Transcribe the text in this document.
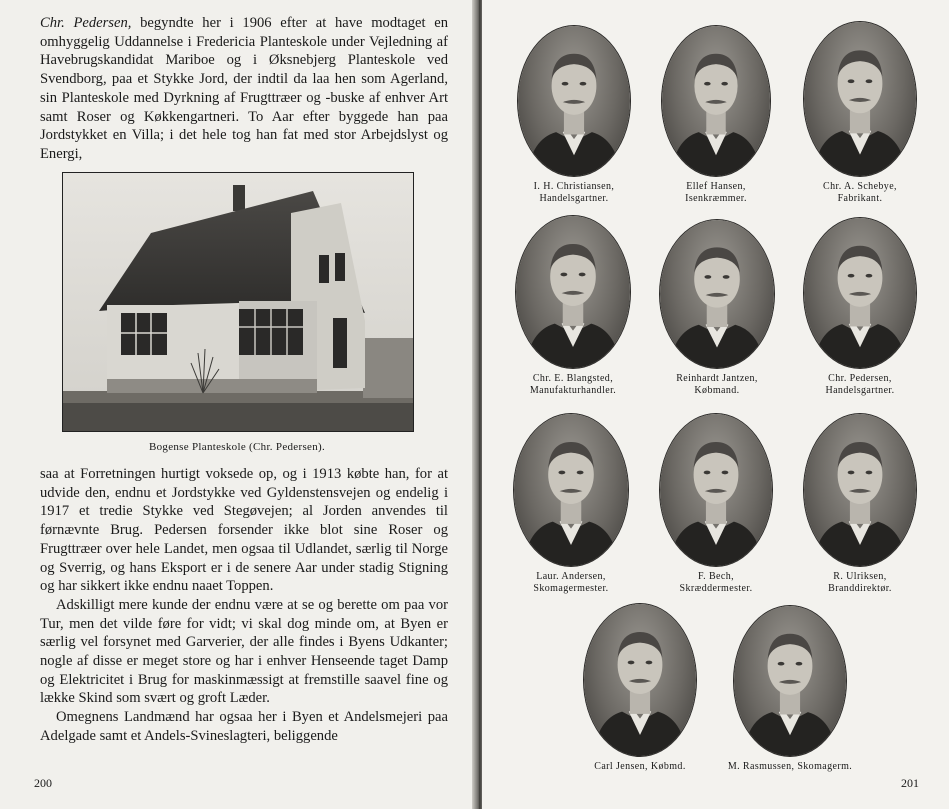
Chr. Pedersen, begyndte her i 1906 efter at have modtaget en omhyggelig Uddannelse i Fredericia Planteskole under Vejledning af Havebrugskandidat Mariboe og i Øksnebjerg Planteskole ved Svendborg, paa et Stykke Jord, der indtil da laa hen som Agerland, sin Planteskole med Dyrkning af Frugttræer og -buske af enhver Art samt Roser og Køkkengartneri. To Aar efter byggede han paa Jordstykket en Villa; i det hele tog han fat med stor Arbejdslyst og Energi,

Bogense Planteskole (Chr. Pedersen).

saa at Forretningen hurtigt voksede op, og i 1913 købte han, for at udvide den, endnu et Jordstykke ved Gyldenstensvejen og endelig i 1917 et tredie Stykke ved Stegøvejen; al Jorden anvendes til førnævnte Brug. Pedersen forsender ikke blot sine Roser og Frugttræer over hele Landet, men ogsaa til Udlandet, særlig til Norge og Sverrig, og hans Eksport er i de senere Aar under stadig Stigning og har sikkert ikke endnu naaet Toppen.

Adskilligt mere kunde der endnu være at se og berette om paa vor Tur, men det vilde føre for vidt; vi skal dog minde om, at Byen er særlig vel forsynet med Garverier, der alle findes i Byens Udkanter; nogle af disse er meget store og har i enhver Henseende taget Damp og Elektricitet i Brug for maskinmæssigt at fremstille saavel fine og lække Skind som svært og groft Læder.

Omegnens Landmænd har ogsaa her i Byen et Andelsmejeri paa Adelgade samt et Andels-Svineslagteri, beliggende

200
I. H. Christiansen,
Handelsgartner.
Ellef Hansen,
Isenkræmmer.
Chr. A. Schebye,
Fabrikant.
Chr. E. Blangsted,
Manufakturhandler.
Reinhardt Jantzen,
Købmand.
Chr. Pedersen,
Handelsgartner.
Laur. Andersen,
Skomagermester.
F. Bech,
Skræddermester.
R. Ulriksen,
Branddirektør.
Carl Jensen, Købmd.	M. Rasmussen, Skomagerm.
201
